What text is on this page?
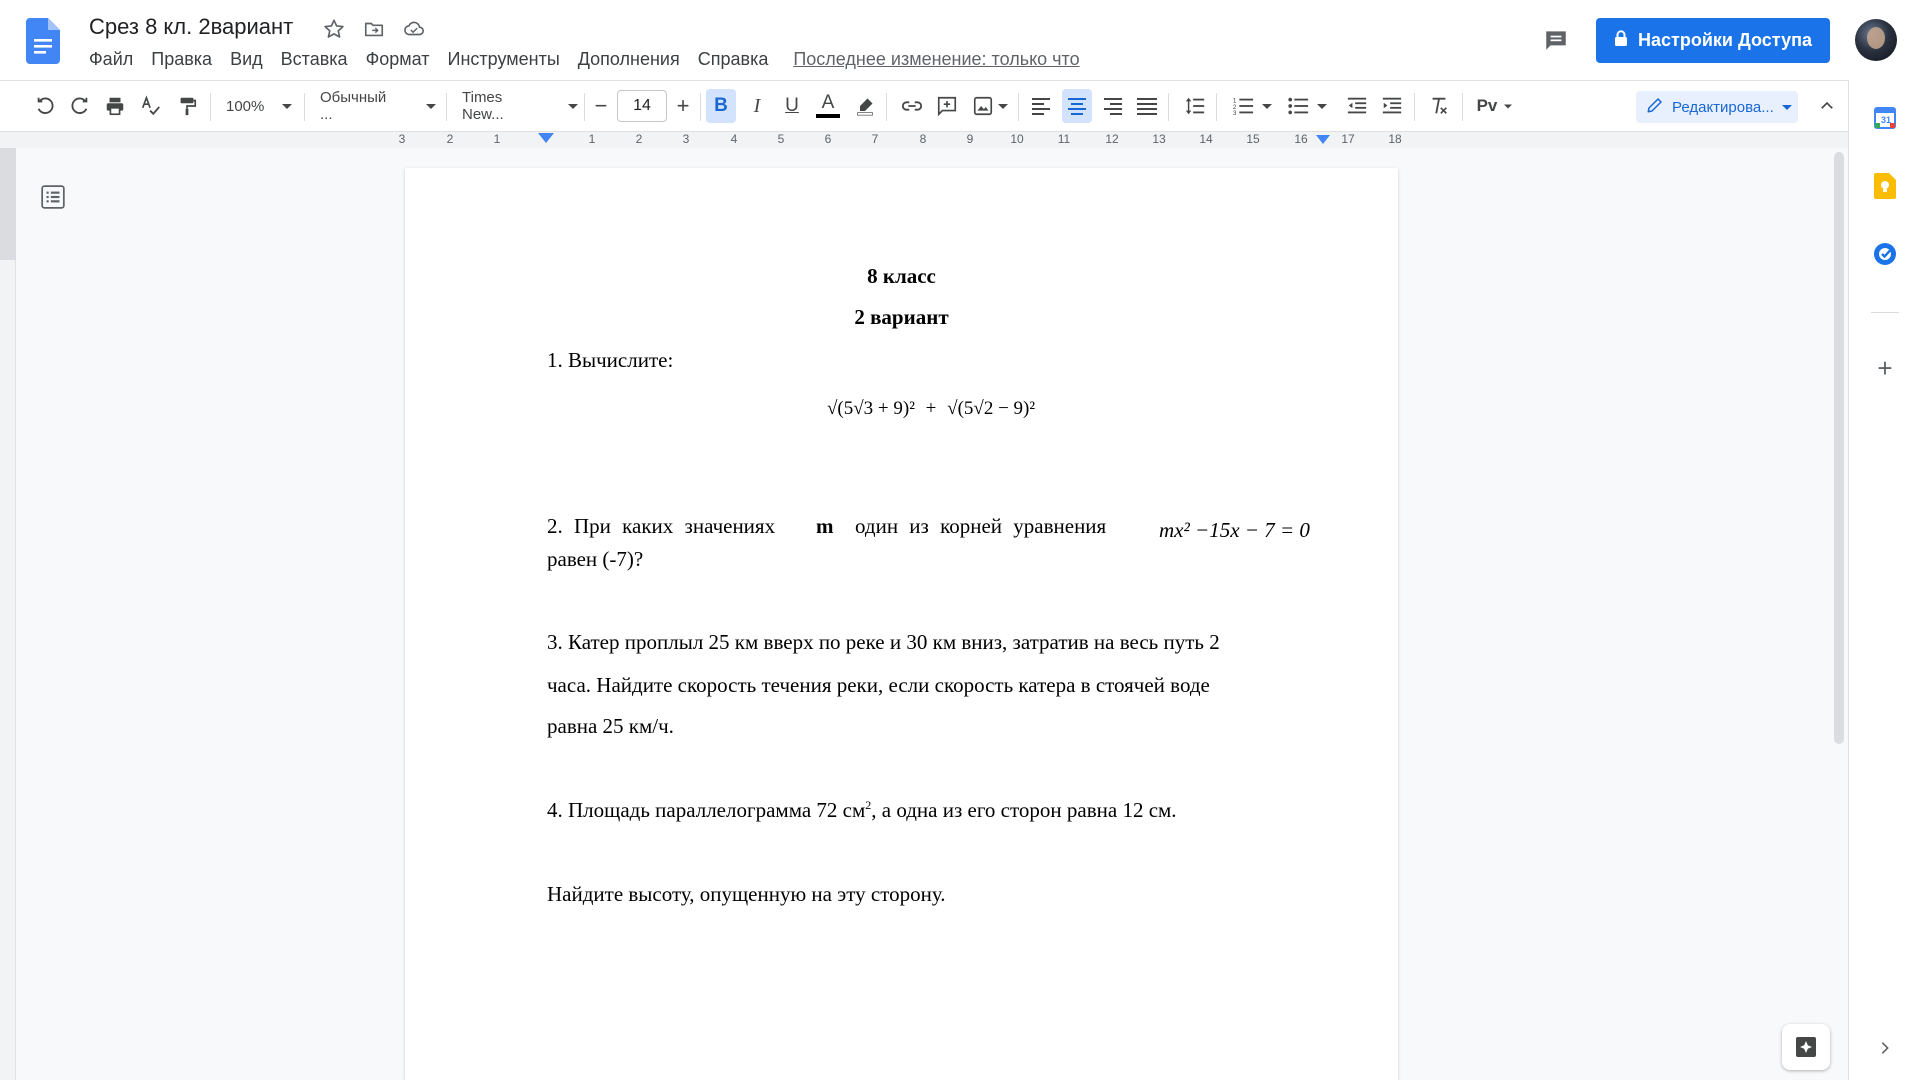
Срез 8 кл. 2вариант
Файл	Правка	Вид	Вставка	Формат	Инструменты	Дополнения	Справка	Последнее изменение: только что
Настройки Доступа
100%	Обычный ...
Times New...	−	14	+	B	I	U	A	1
2
3	Pv	Редактирова...
3	2	1	1	2	3	4	5	6	7	8	9	10	11	12	13	14	15	16	17	18
8 класс
2 вариант
1. Вычислите:
√(5√3 + 9)² + √(5√2 − 9)²
2. При каких значениях m один из корней уравнения	mx² −15x − 7 = 0
равен (-7)?
3. Катер проплыл 25 км вверх по реке и 30 км вниз, затратив на весь путь 2
часа. Найдите скорость течения реки, если скорость катера в стоячей воде
равна 25 км/ч.
4. Площадь параллелограмма 72 $см^2$, а одна из его сторон равна 12 см.
Найдите высоту, опущенную на эту сторону.
31
+
